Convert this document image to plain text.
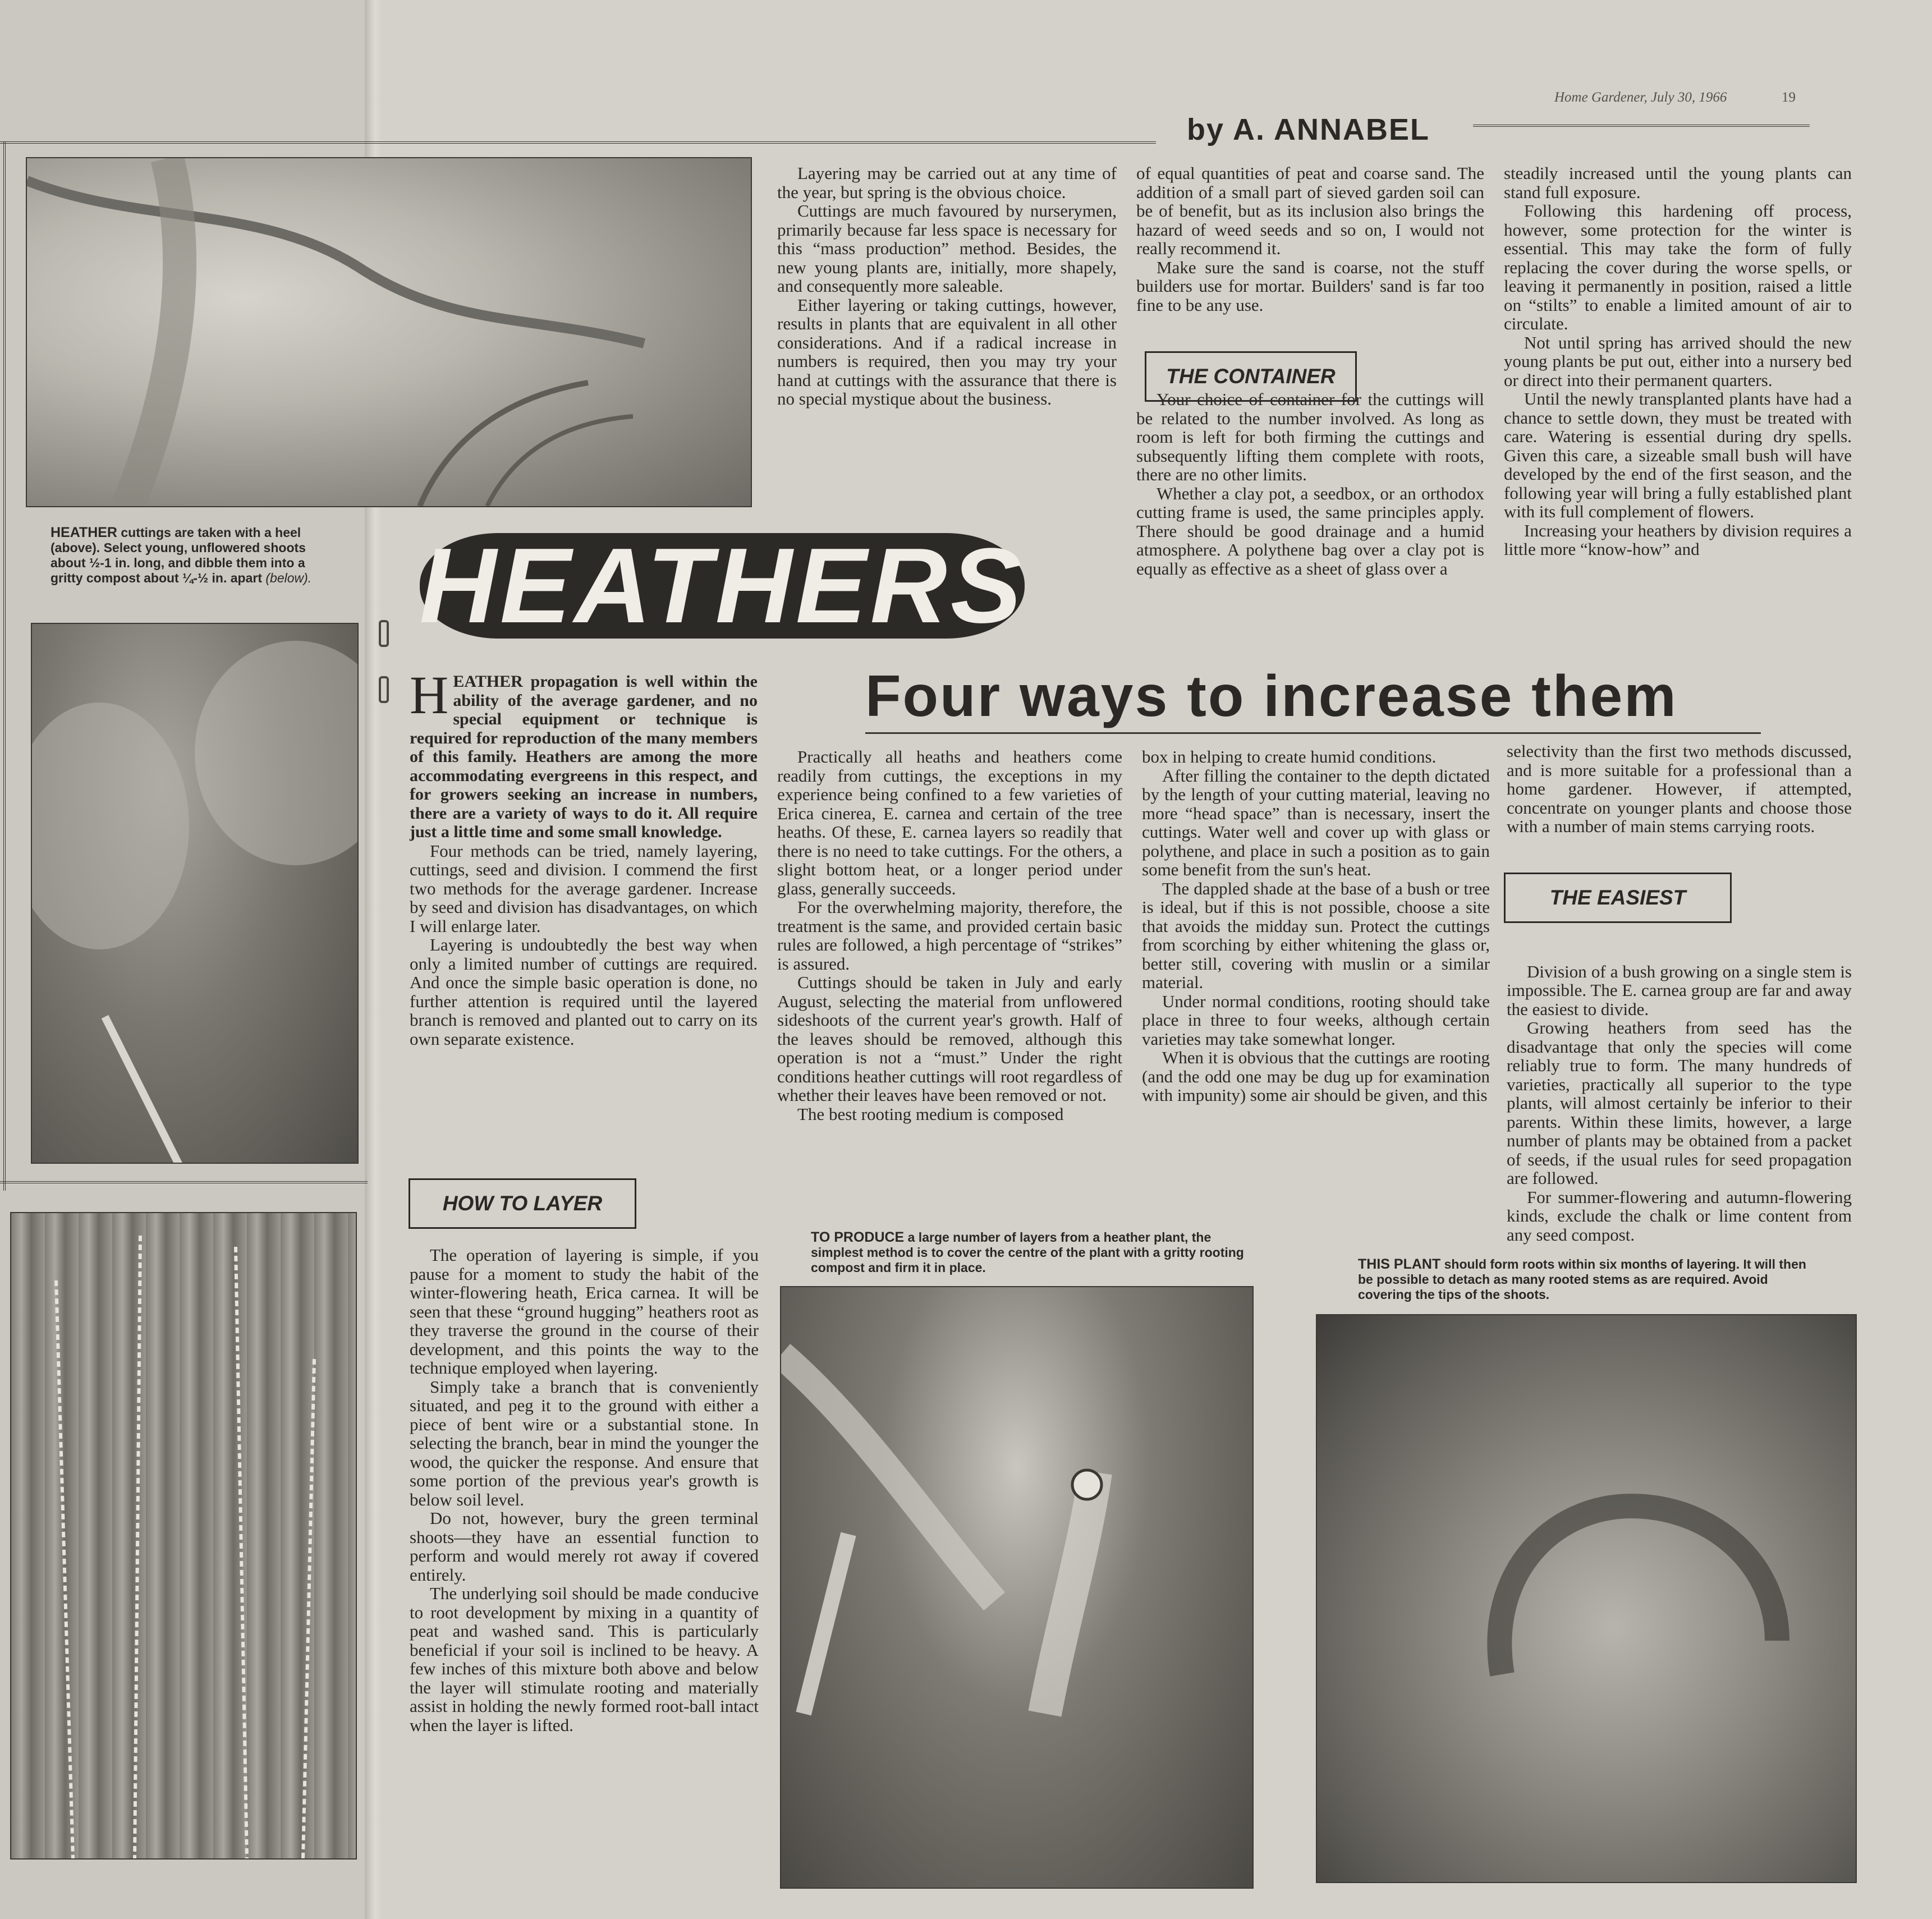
Home Gardener, July 30, 1966	19
by A. ANNABEL
HEATHER cuttings are taken with a heel (above). Select young, unflowered shoots about ½-1 in. long, and dibble them into a gritty compost about ¼-½ in. apart (below).
TO PRODUCE a large number of layers from a heather plant, the simplest method is to cover the centre of the plant with a gritty rooting compost and firm it in place.	THIS PLANT should form roots within six months of layering. It will then be possible to detach as many rooted stems as are required. Avoid covering the tips of the shoots.
HEATHERS
Four ways to increase them

Layering may be carried out at any time of the year, but spring is the obvious choice.

Cuttings are much favoured by nurserymen, primarily because far less space is necessary for this “mass production” method. Besides, the new young plants are, initially, more shapely, and consequently more saleable.

Either layering or taking cuttings, however, results in plants that are equivalent in all other considerations. And if a radical increase in numbers is required, then you may try your hand at cuttings with the assurance that there is no special mystique about the business.

of equal quantities of peat and coarse sand. The addition of a small part of sieved garden soil can be of benefit, but as its inclusion also brings the hazard of weed seeds and so on, I would not really recommend it.

Make sure the sand is coarse, not the stuff builders use for mortar. Builders' sand is far too fine to be any use.

Your choice of container for the cuttings will be related to the number involved. As long as room is left for both firming the cuttings and subsequently lifting them complete with roots, there are no other limits.

Whether a clay pot, a seedbox, or an orthodox cutting frame is used, the same principles apply. There should be good drainage and a humid atmosphere. A polythene bag over a clay pot is equally as effective as a sheet of glass over a

THE CONTAINER

steadily increased until the young plants can stand full exposure.

Following this hardening off process, however, some protection for the winter is essential. This may take the form of fully replacing the cover during the worse spells, or leaving it permanently in position, raised a little on “stilts” to enable a limited amount of air to circulate.

Not until spring has arrived should the new young plants be put out, either into a nursery bed or direct into their permanent quarters.

Until the newly transplanted plants have had a chance to settle down, they must be treated with care. Watering is essential during dry spells. Given this care, a sizeable small bush will have developed by the end of the first season, and the following year will bring a fully established plant with its full complement of flowers.

Increasing your heathers by division requires a little more “know-how” and

HEATHER propagation is well within the ability of the average gardener, and no special equipment or technique is required for reproduction of the many members of this family. Heathers are among the more accommodating evergreens in this respect, and for growers seeking an increase in numbers, there are a variety of ways to do it. All require just a little time and some small knowledge.

Four methods can be tried, namely layering, cuttings, seed and division. I commend the first two methods for the average gardener. Increase by seed and division has disadvantages, on which I will enlarge later.

Layering is undoubtedly the best way when only a limited number of cuttings are required. And once the simple basic operation is done, no further attention is required until the layered branch is removed and planted out to carry on its own separate existence.

HOW TO LAYER

The operation of layering is simple, if you pause for a moment to study the habit of the winter-flowering heath, Erica carnea. It will be seen that these “ground hugging” heathers root as they traverse the ground in the course of their development, and this points the way to the technique employed when layering.

Simply take a branch that is conveniently situated, and peg it to the ground with either a piece of bent wire or a substantial stone. In selecting the branch, bear in mind the younger the wood, the quicker the response. And ensure that some portion of the previous year's growth is below soil level.

Do not, however, bury the green terminal shoots—they have an essential function to perform and would merely rot away if covered entirely.

The underlying soil should be made conducive to root development by mixing in a quantity of peat and washed sand. This is particularly beneficial if your soil is inclined to be heavy. A few inches of this mixture both above and below the layer will stimulate rooting and materially assist in holding the newly formed root-ball intact when the layer is lifted.

Practically all heaths and heathers come readily from cuttings, the exceptions in my experience being confined to a few varieties of Erica cinerea, E. carnea and certain of the tree heaths. Of these, E. carnea layers so readily that there is no need to take cuttings. For the others, a slight bottom heat, or a longer period under glass, generally succeeds.

For the overwhelming majority, therefore, the treatment is the same, and provided certain basic rules are followed, a high percentage of “strikes” is assured.

Cuttings should be taken in July and early August, selecting the material from unflowered sideshoots of the current year's growth. Half of the leaves should be removed, although this operation is not a “must.” Under the right conditions heather cuttings will root regardless of whether their leaves have been removed or not.

The best rooting medium is composed

box in helping to create humid conditions.

After filling the container to the depth dictated by the length of your cutting material, leaving no more “head space” than is necessary, insert the cuttings. Water well and cover up with glass or polythene, and place in such a position as to gain some benefit from the sun's heat.

The dappled shade at the base of a bush or tree is ideal, but if this is not possible, choose a site that avoids the midday sun. Protect the cuttings from scorching by either whitening the glass or, better still, covering with muslin or a similar material.

Under normal conditions, rooting should take place in three to four weeks, although certain varieties may take somewhat longer.

When it is obvious that the cuttings are rooting (and the odd one may be dug up for examination with impunity) some air should be given, and this

selectivity than the first two methods discussed, and is more suitable for a professional than a home gardener. However, if attempted, concentrate on younger plants and choose those with a number of main stems carrying roots.

Division of a bush growing on a single stem is impossible. The E. carnea group are far and away the easiest to divide.

Growing heathers from seed has the disadvantage that only the species will come reliably true to form. The many hundreds of varieties, practically all superior to the type plants, will almost certainly be inferior to their parents. Within these limits, however, a large number of plants may be obtained from a packet of seeds, if the usual rules for seed propagation are followed.

For summer-flowering and autumn-flowering kinds, exclude the chalk or lime content from any seed compost.

THE EASIEST
